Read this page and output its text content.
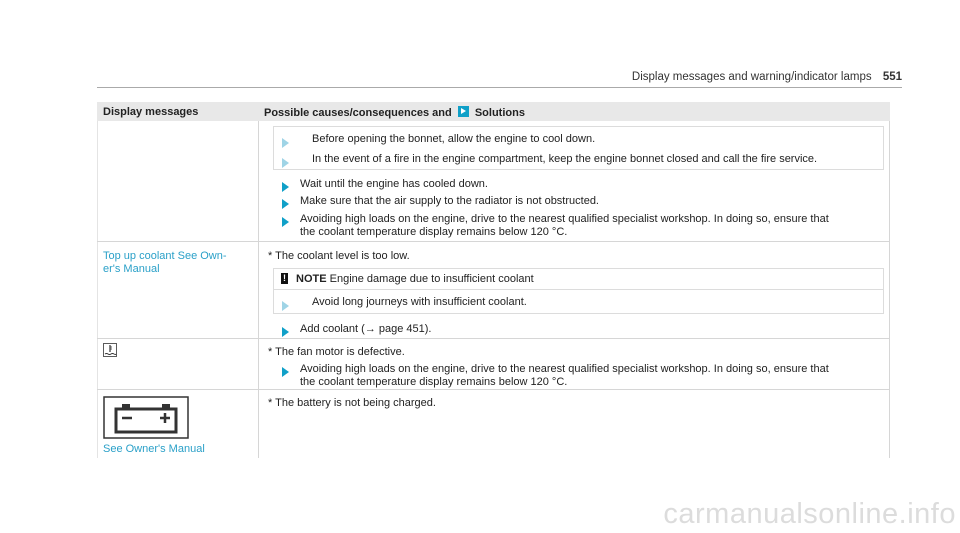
Display messages and warning/indicator lamps 551
Display messages	Possible causes/consequences and Solutions
Before opening the bonnet, allow the engine to cool down.
In the event of a fire in the engine compartment, keep the engine bonnet closed and call the fire service.
Wait until the engine has cooled down.
Make sure that the air supply to the radiator is not obstructed.
Avoiding high loads on the engine, drive to the nearest qualified specialist workshop. In doing so, ensure that
the coolant temperature display remains below 120 °C.
Top up coolant See Own-
er's Manual
* The coolant level is too low.
! NOTE Engine damage due to insufficient coolant
Avoid long journeys with insufficient coolant.
Add coolant (→ page 451).
* The fan motor is defective.
Avoiding high loads on the engine, drive to the nearest qualified specialist workshop. In doing so, ensure that
the coolant temperature display remains below 120 °C.
* The battery is not being charged.
See Owner's Manual
carmanualsonline.info
